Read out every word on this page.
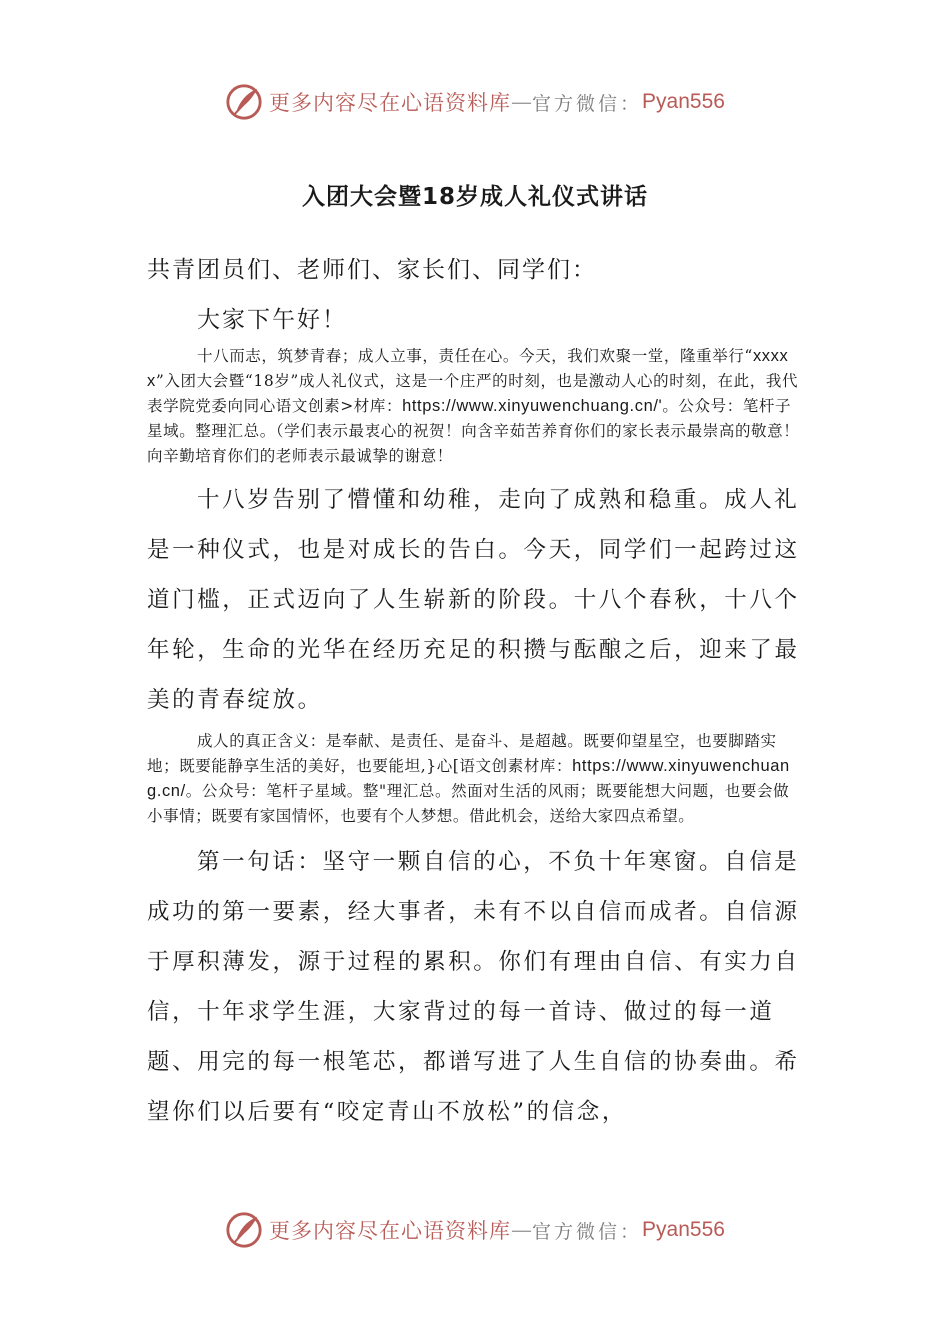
更多内容尽在心语资料库 — 官方微信： Pyan556
入团大会暨18岁成人礼仪式讲话

共青团员们、老师们、家长们、同学们：

大家下午好！

十八而志，筑梦青春；成人立事，责任在心。今天，我们欢聚一堂，隆重举行“xxxxx”入团大会暨“18岁”成人礼仪式，这是一个庄严的时刻，也是激动人心的时刻，在此，我代表学院党委向同心语文创素>材库：https://www.xinyuwenchuang.cn/'。公众号：笔杆子星域。整理汇总。（学们表示最衷心的祝贺！向含辛茹苦养育你们的家长表示最崇高的敬意！向辛勤培育你们的老师表示最诚挚的谢意！

十八岁告别了懵懂和幼稚，走向了成熟和稳重。成人礼是一种仪式，也是对成长的告白。今天，同学们一起跨过这道门槛，正式迈向了人生崭新的阶段。十八个春秋，十八个年轮，生命的光华在经历充足的积攒与酝酿之后，迎来了最美的青春绽放。

成人的真正含义：是奉献、是责任、是奋斗、是超越。既要仰望星空，也要脚踏实地；既要能静享生活的美好，也要能坦,}心[语文创素材库：https://www.xinyuwenchuang.cn/。公众号：笔杆子星域。整"理汇总。然面对生活的风雨；既要能想大问题，也要会做小事情；既要有家国情怀，也要有个人梦想。借此机会，送给大家四点希望。

第一句话：坚守一颗自信的心，不负十年寒窗。自信是成功的第一要素，经大事者，未有不以自信而成者。自信源于厚积薄发，源于过程的累积。你们有理由自信、有实力自信，十年求学生涯，大家背过的每一首诗、做过的每一道题、用完的每一根笔芯，都谱写进了人生自信的协奏曲。希望你们以后要有“咬定青山不放松”的信念，

更多内容尽在心语资料库 — 官方微信： Pyan556
